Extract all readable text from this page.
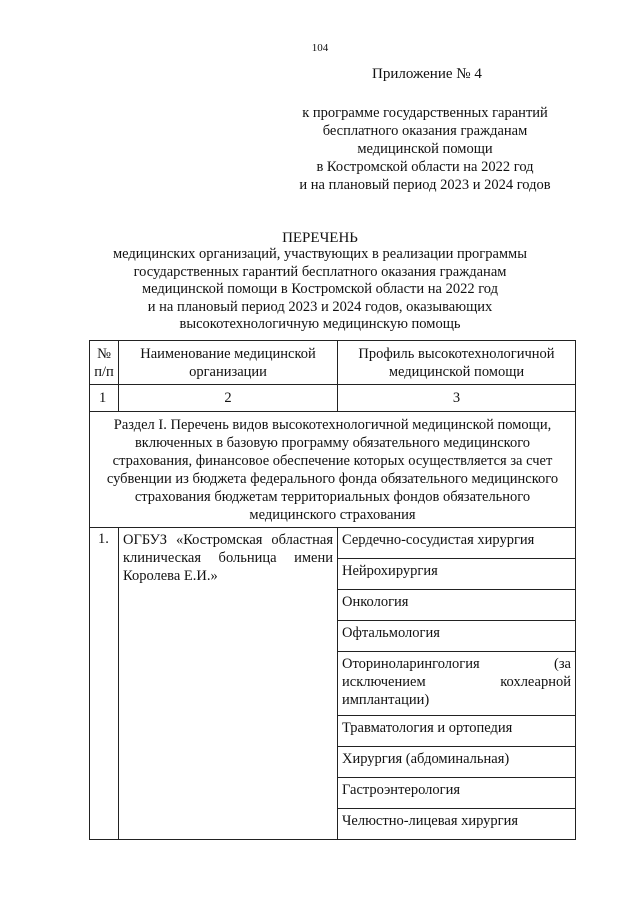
104
Приложение № 4
к программе государственных гарантий
бесплатного оказания гражданам
медицинской помощи
в Костромской области на 2022 год
и на плановый период 2023 и 2024 годов
ПЕРЕЧЕНЬ
медицинских организаций, участвующих в реализации программы
государственных гарантий бесплатного оказания гражданам
медицинской помощи в Костромской области на 2022 год
и на плановый период 2023 и 2024 годов, оказывающих
высокотехнологичную медицинскую помощь
№ п/п	Наименование медицинской организации	Профиль высокотехнологичной медицинской помощи
1	2	3
Раздел I. Перечень видов высокотехнологичной медицинской помощи, включенных в базовую программу обязательного медицинского страхования, финансовое обеспечение которых осуществляется за счет субвенции из бюджета федерального фонда обязательного медицинского страхования бюджетам территориальных фондов обязательного медицинского страхования		
1.	ОГБУЗ «Костромская областная клиническая больница имени Королева Е.И.»	Сердечно-сосудистая хирургия
		Нейрохирургия
		Онкология
		Офтальмология
		Оториноларингология (за исключением кохлеарной имплантации)
		Травматология и ортопедия
		Хирургия (абдоминальная)
		Гастроэнтерология
		Челюстно-лицевая хирургия
